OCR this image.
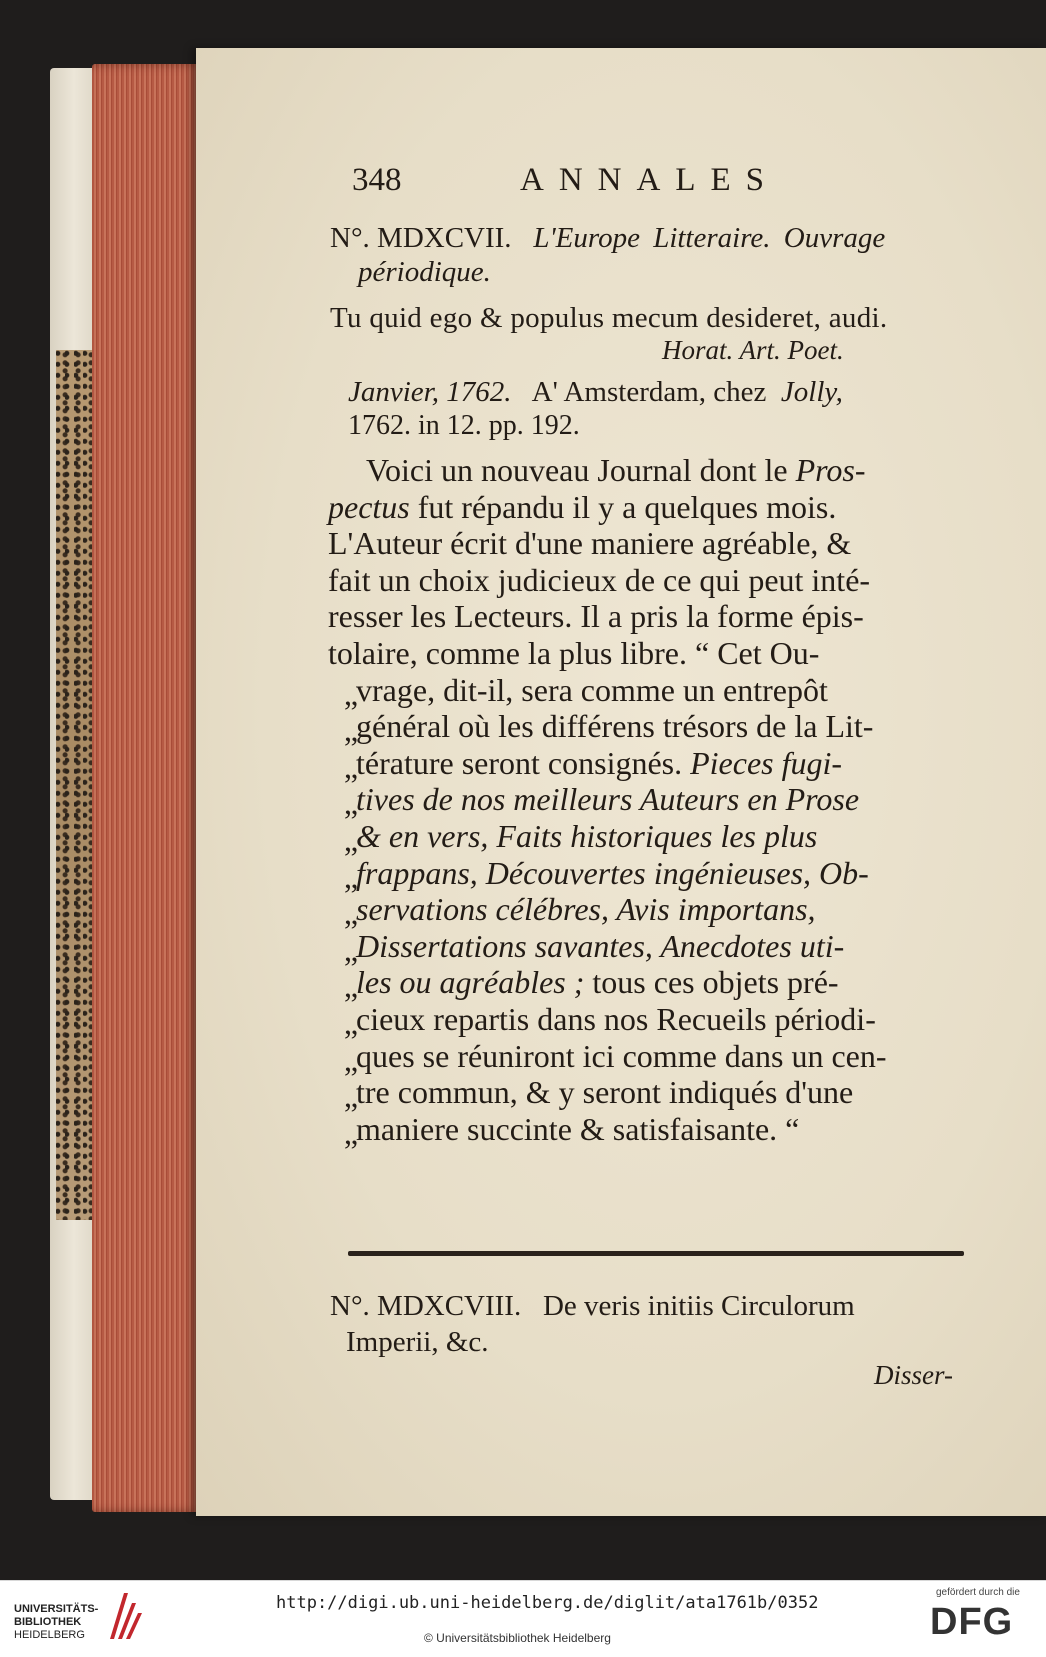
348	ANNALES
N°. MDXCVII. L'Europe Litteraire. Ouvrage
périodique.
Tu quid ego & populus mecum desideret, audi.
Horat. Art. Poet.
Janvier, 1762. A' Amsterdam, chez Jolly,
1762. in 12. pp. 192.
Voici un nouveau Journal dont le Pros-
pectus fut répandu il y a quelques mois.
L'Auteur écrit d'une maniere agréable, &
fait un choix judicieux de ce qui peut inté-
resser les Lecteurs. Il a pris la forme épis-
tolaire, comme la plus libre. “ Cet Ou-
„
vrage, dit-il, sera comme un entrepôt
„
général où les différens trésors de la Lit-
„
térature seront consignés. Pieces fugi-
„
tives de nos meilleurs Auteurs en Prose
„
& en vers, Faits historiques les plus
„
frappans, Découvertes ingénieuses, Ob-
„
servations célébres, Avis importans,
„
Dissertations savantes, Anecdotes uti-
„
les ou agréables ; tous ces objets pré-
„
cieux repartis dans nos Recueils périodi-
„
ques se réuniront ici comme dans un cen-
„
tre commun, & y seront indiqués d'une
„
maniere succinte & satisfaisante. “
N°. MDXCVIII. De veris initiis Circulorum
Imperii, &c.
Disser-
UNIVERSITÄTS-
BIBLIOTHEK
HEIDELBERG
http://digi.ub.uni-heidelberg.de/diglit/ata1761b/0352
© Universitätsbibliothek Heidelberg
gefördert durch die
DFG
